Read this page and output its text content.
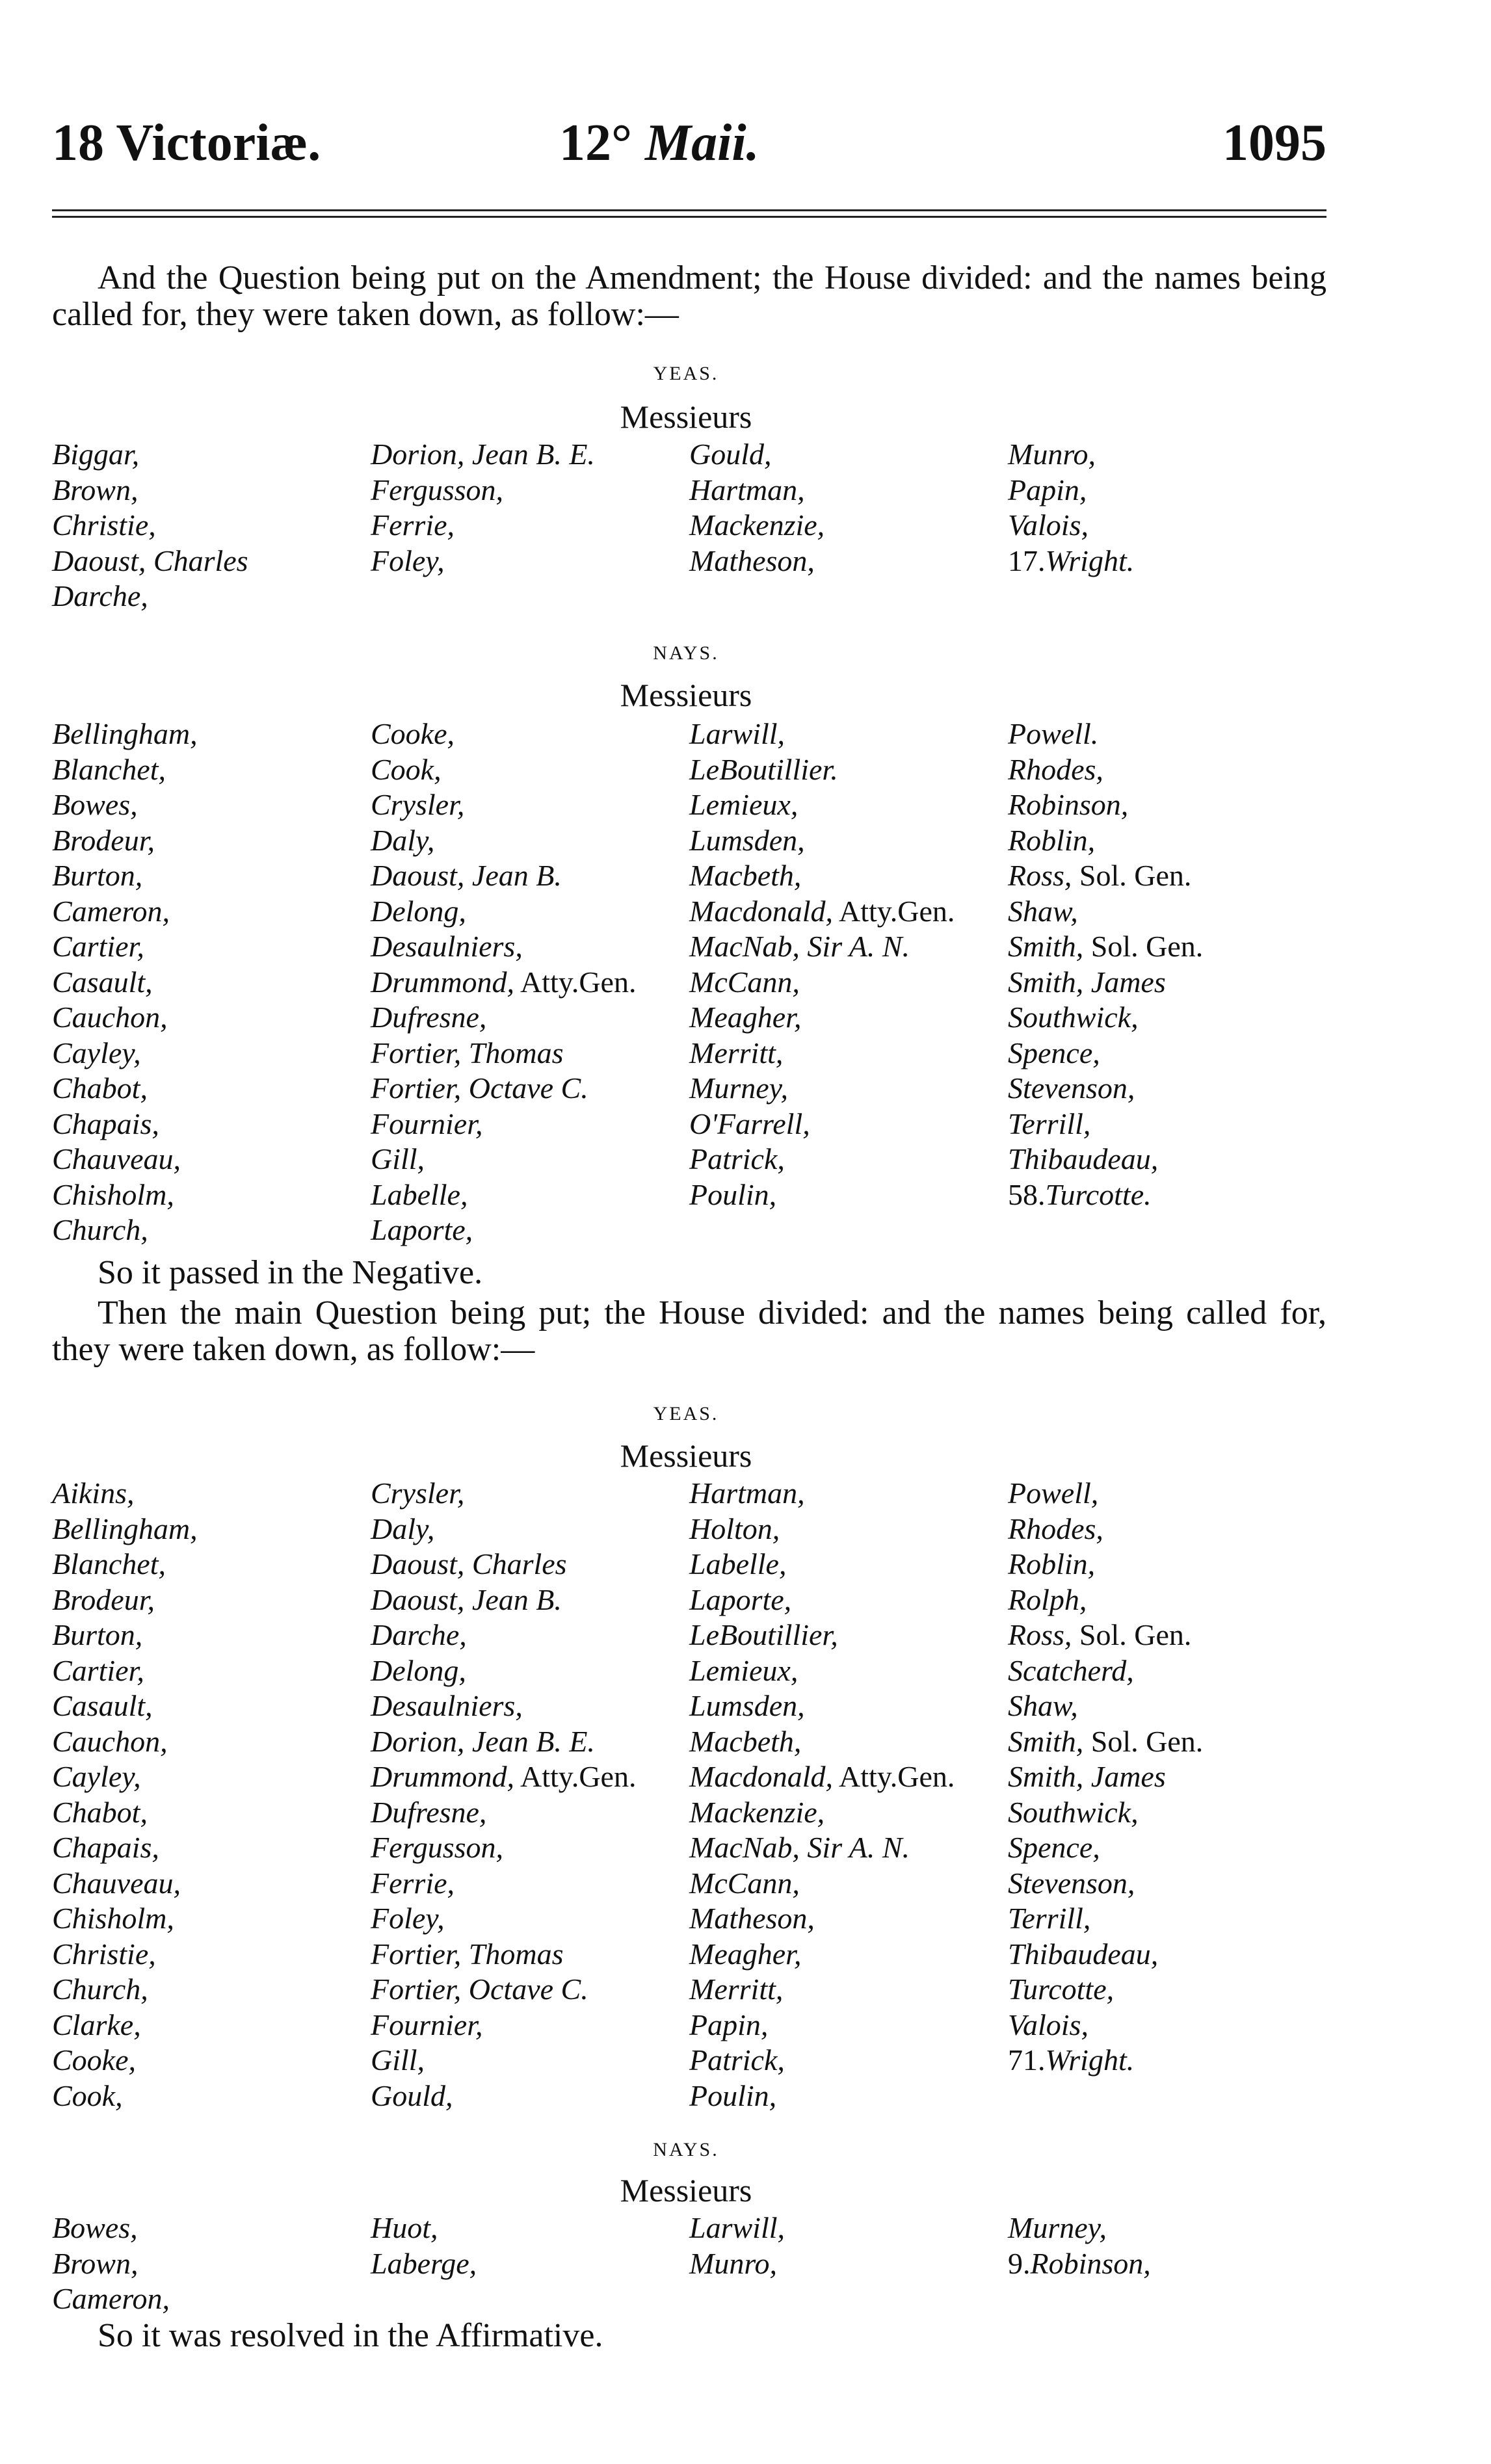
18 Victoriæ.	12° Maii.	1095
And the Question being put on the Amendment; the House divided: and the names being called for, they were taken down, as follow:—
YEAS.
Messieurs
Biggar,
Brown,
Christie,
Daoust, Charles
Darche,
Dorion, Jean B. E.
Fergusson,
Ferrie,
Foley,
Gould,
Hartman,
Mackenzie,
Matheson,
Munro,
Papin,
Valois,
17.Wright.
NAYS.
Messieurs
Bellingham,
Blanchet,
Bowes,
Brodeur,
Burton,
Cameron,
Cartier,
Casault,
Cauchon,
Cayley,
Chabot,
Chapais,
Chauveau,
Chisholm,
Church,
Cooke,
Cook,
Crysler,
Daly,
Daoust, Jean B.
Delong,
Desaulniers,
Drummond, Atty.Gen.
Dufresne,
Fortier, Thomas
Fortier, Octave C.
Fournier,
Gill,
Labelle,
Laporte,
Larwill,
LeBoutillier.
Lemieux,
Lumsden,
Macbeth,
Macdonald, Atty.Gen.
MacNab, Sir A. N.
McCann,
Meagher,
Merritt,
Murney,
O'Farrell,
Patrick,
Poulin,
Powell.
Rhodes,
Robinson,
Roblin,
Ross, Sol. Gen.
Shaw,
Smith, Sol. Gen.
Smith, James
Southwick,
Spence,
Stevenson,
Terrill,
Thibaudeau,
58.Turcotte.
So it passed in the Negative.
Then the main Question being put; the House divided: and the names being called for, they were taken down, as follow:—
YEAS.
Messieurs
Aikins,
Bellingham,
Blanchet,
Brodeur,
Burton,
Cartier,
Casault,
Cauchon,
Cayley,
Chabot,
Chapais,
Chauveau,
Chisholm,
Christie,
Church,
Clarke,
Cooke,
Cook,
Crysler,
Daly,
Daoust, Charles
Daoust, Jean B.
Darche,
Delong,
Desaulniers,
Dorion, Jean B. E.
Drummond, Atty.Gen.
Dufresne,
Fergusson,
Ferrie,
Foley,
Fortier, Thomas
Fortier, Octave C.
Fournier,
Gill,
Gould,
Hartman,
Holton,
Labelle,
Laporte,
LeBoutillier,
Lemieux,
Lumsden,
Macbeth,
Macdonald, Atty.Gen.
Mackenzie,
MacNab, Sir A. N.
McCann,
Matheson,
Meagher,
Merritt,
Papin,
Patrick,
Poulin,
Powell,
Rhodes,
Roblin,
Rolph,
Ross, Sol. Gen.
Scatcherd,
Shaw,
Smith, Sol. Gen.
Smith, James
Southwick,
Spence,
Stevenson,
Terrill,
Thibaudeau,
Turcotte,
Valois,
71.Wright.
NAYS.
Messieurs
Bowes,
Brown,
Cameron,
Huot,
Laberge,
Larwill,
Munro,
Murney,
9.Robinson,
So it was resolved in the Affirmative.
